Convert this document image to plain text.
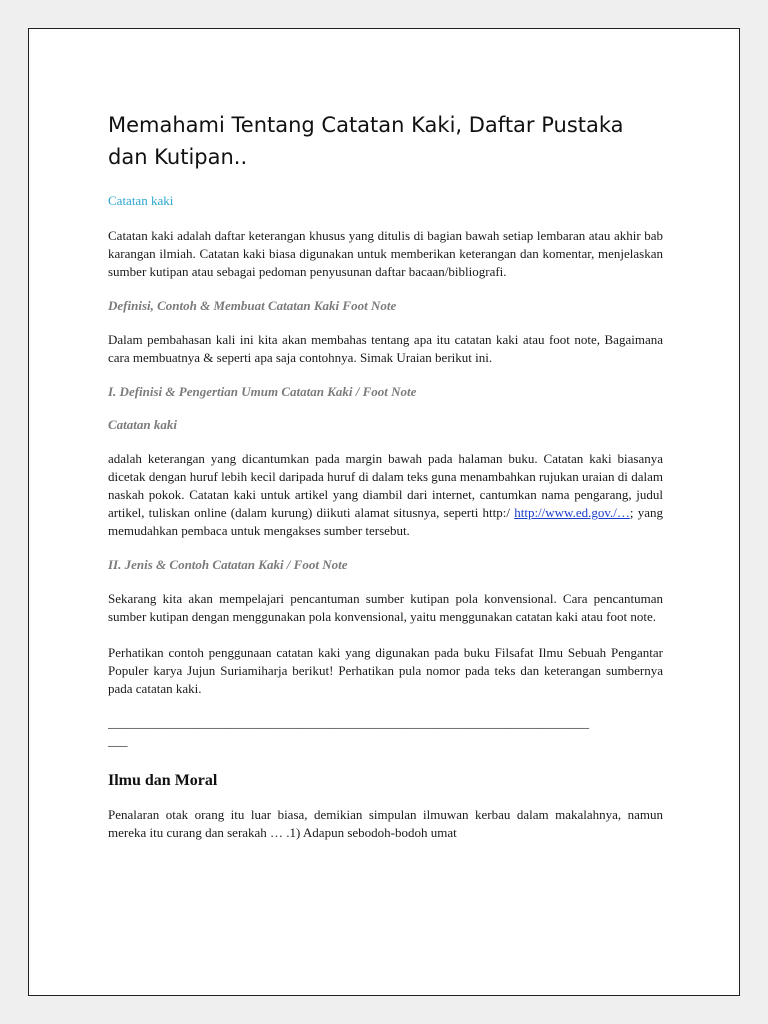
Memahami Tentang Catatan Kaki, Daftar Pustaka dan Kutipan..
Catatan kaki

Catatan kaki adalah daftar keterangan khusus yang ditulis di bagian bawah setiap lembaran atau akhir bab karangan ilmiah. Catatan kaki biasa digunakan untuk memberikan keterangan dan komentar, menjelaskan sumber kutipan atau sebagai pedoman penyusunan daftar bacaan/bibliografi.

Definisi, Contoh & Membuat Catatan Kaki Foot Note

Dalam pembahasan kali ini kita akan membahas tentang apa itu catatan kaki atau foot note, Bagaimana cara membuatnya & seperti apa saja contohnya. Simak Uraian berikut ini.

I. Definisi & Pengertian Umum Catatan Kaki / Foot Note
Catatan kaki

adalah keterangan yang dicantumkan pada margin bawah pada halaman buku. Catatan kaki biasanya dicetak dengan huruf lebih kecil daripada huruf di dalam teks guna menambahkan rujukan uraian di dalam naskah pokok. Catatan kaki untuk artikel yang diambil dari internet, cantumkan nama pengarang, judul artikel, tuliskan online (dalam kurung) diikuti alamat situsnya, seperti http:/ http://www.ed.gov./…; yang memudahkan pembaca untuk mengakses sumber tersebut.

II. Jenis & Contoh Catatan Kaki / Foot Note

Sekarang kita akan mempelajari pencantuman sumber kutipan pola konvensional. Cara pencantuman sumber kutipan dengan menggunakan pola konvensional, yaitu menggunakan catatan kaki atau foot note.

Perhatikan contoh penggunaan catatan kaki yang digunakan pada buku Filsafat Ilmu Sebuah Pengantar Populer karya Jujun Suriamiharja berikut! Perhatikan pula nomor pada teks dan keterangan sumbernya pada catatan kaki.

__________________________________________________________________________
___
Ilmu dan Moral

Penalaran otak orang itu luar biasa, demikian simpulan ilmuwan kerbau dalam makalahnya, namun mereka itu curang dan serakah … .1) Adapun sebodoh-bodoh umat
